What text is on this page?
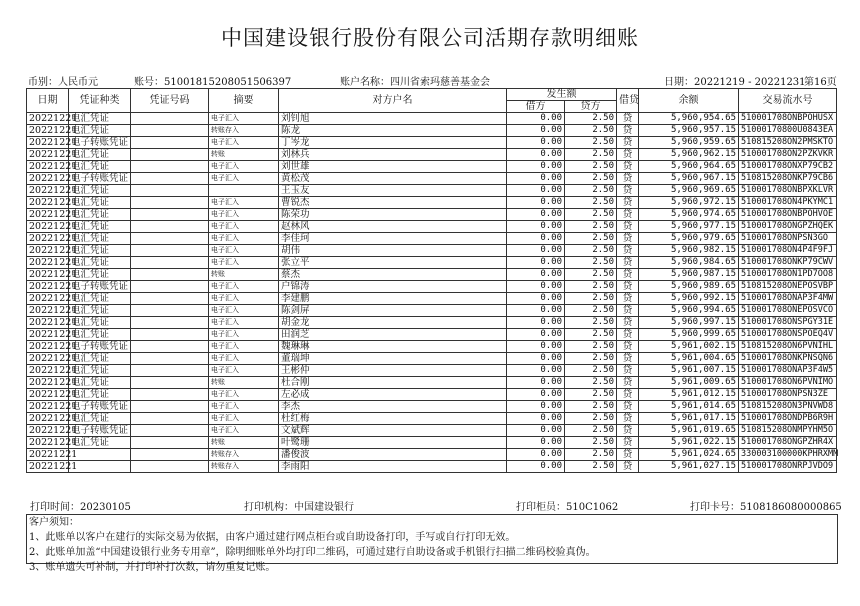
中国建设银行股份有限公司活期存款明细账
币别：人民币元	账号：51001815208051506397	账户名称：四川省索玛慈善基金会	日期：20221219 - 20221231
第16页
日期	凭证种类	凭证号码	摘要	对方户名	发生额		借贷	余额	交易流水号
					借方	贷方			
20221221	电汇凭证		电子汇入	刘钊旭	0.00	2.50	贷	5,960,954.65	510001708ONBPOHUSX
20221221	电汇凭证		转账存入	陈龙	0.00	2.50	贷	5,960,957.15	51000170800U0843EA
20221221	电子转账凭证		电子汇入	丁岑龙	0.00	2.50	贷	5,960,959.65	510815208ON2PMSKTO
20221221	电汇凭证		转账	刘林兵	0.00	2.50	贷	5,960,962.15	510001708ON2PZKVKR
20221221	电汇凭证		电子汇入	刘世雄	0.00	2.50	贷	5,960,964.65	510001708ONXP79CB2
20221221	电子转账凭证		电子汇入	黄松茂	0.00	2.50	贷	5,960,967.15	510815208ONKP79CB6
20221221	电汇凭证			王玉友	0.00	2.50	贷	5,960,969.65	510001708ONBPXKLVR
20221221	电汇凭证		电子汇入	曹锐杰	0.00	2.50	贷	5,960,972.15	510001708ON4PKYMC1
20221221	电汇凭证		电子汇入	陈荣功	0.00	2.50	贷	5,960,974.65	510001708ONBPOHVOE
20221221	电汇凭证		电子汇入	赵林风	0.00	2.50	贷	5,960,977.15	510001708ONGPZHQEK
20221221	电汇凭证		电子汇入	李佳珂	0.00	2.50	贷	5,960,979.65	510001708ONPSN3GO
20221221	电汇凭证		电子汇入	胡伟	0.00	2.50	贷	5,960,982.15	510001708ON4P4F9FJ
20221221	电汇凭证		电子汇入	张立平	0.00	2.50	贷	5,960,984.65	510001708ONKP79CWV
20221221	电汇凭证		转账	蔡杰	0.00	2.50	贷	5,960,987.15	510001708ON1PD7OO8
20221221	电子转账凭证		电子汇入	户锦涛	0.00	2.50	贷	5,960,989.65	510815208ONEPOSVBP
20221221	电汇凭证		电子汇入	李建鹏	0.00	2.50	贷	5,960,992.15	510001708ONAP3F4MW
20221221	电汇凭证		电子汇入	陈剑屏	0.00	2.50	贷	5,960,994.65	510001708ONEPOSVCO
20221221	电汇凭证		电子汇入	胡金龙	0.00	2.50	贷	5,960,997.15	510001708ONSPGY31E
20221221	电汇凭证		电子汇入	田润芝	0.00	2.50	贷	5,960,999.65	510001708ONSPOEQ4V
20221221	电子转账凭证		电子汇入	魏琳琳	0.00	2.50	贷	5,961,002.15	510815208ON6PVNIHL
20221221	电汇凭证		电子汇入	董瑞坤	0.00	2.50	贷	5,961,004.65	510001708ONKPNSQN6
20221221	电汇凭证		电子汇入	王彬仲	0.00	2.50	贷	5,961,007.15	510001708ONAP3F4W5
20221221	电汇凭证		转账	杜合刚	0.00	2.50	贷	5,961,009.65	510001708ON6PVNIMO
20221221	电汇凭证		电子汇入	左必成	0.00	2.50	贷	5,961,012.15	510001708ONPSN3ZE
20221221	电子转账凭证		电子汇入	李杰	0.00	2.50	贷	5,961,014.65	510815208ON3PNVWD8
20221221	电汇凭证		电子汇入	杜红梅	0.00	2.50	贷	5,961,017.15	510001708ONDPB6R9H
20221221	电子转账凭证		电子汇入	文斌辉	0.00	2.50	贷	5,961,019.65	510815208ONMPYHM5O
20221221	电汇凭证		转账	叶鹭珊	0.00	2.50	贷	5,961,022.15	510001708ONGPZHR4X
20221221			转账存入	潘俊波	0.00	2.50	贷	5,961,024.65	330003100000KPHRXMM
20221221			转账存入	李雨阳	0.00	2.50	贷	5,961,027.15	510001708ONRPJVDO9
打印时间：20230105	打印机构：中国建设银行	打印柜员：510C1062	打印卡号：5108186080000865
客户须知：
1、此账单以客户在建行的实际交易为依据，由客户通过建行网点柜台或自助设备打印，手写或自行打印无效。
2、此账单加盖“中国建设银行业务专用章”，除明细账单外均打印二维码，可通过建行自助设备或手机银行扫描二维码校验真伪。
3、账单遗失可补制，并打印补打次数，请勿重复记账。
